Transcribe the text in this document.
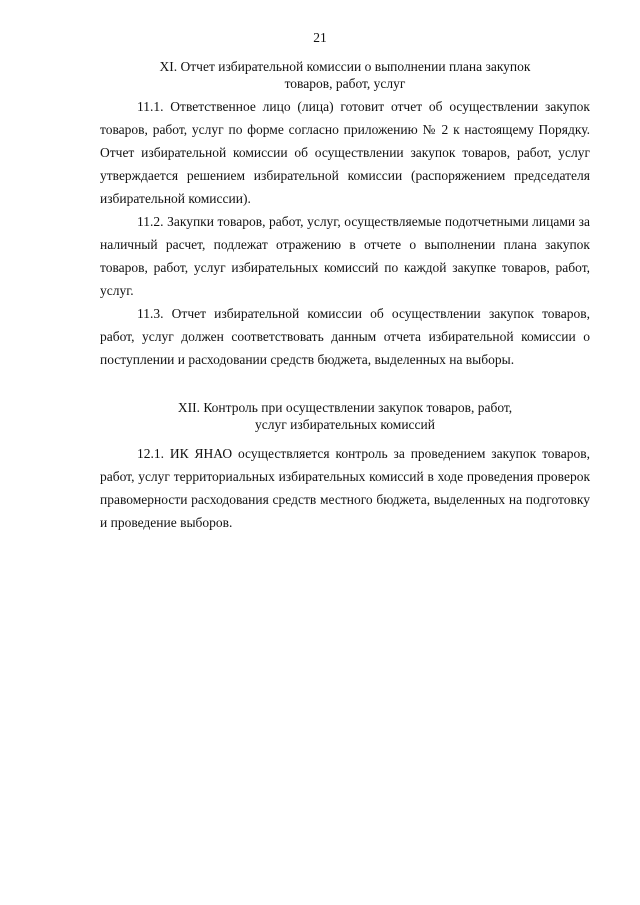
21
XI. Отчет избирательной комиссии о выполнении плана закупок
товаров, работ, услуг

11.1. Ответственное лицо (лица) готовит отчет об осуществлении закупок товаров, работ, услуг по форме согласно приложению № 2 к настоящему Порядку. Отчет избирательной комиссии об осуществлении закупок товаров, работ, услуг утверждается решением избирательной комиссии (распоряжением председателя избирательной комиссии).

11.2. Закупки товаров, работ, услуг, осуществляемые подотчетными лицами за наличный расчет, подлежат отражению в отчете о выполнении плана закупок товаров, работ, услуг избирательных комиссий по каждой закупке товаров, работ, услуг.

11.3. Отчет избирательной комиссии об осуществлении закупок товаров, работ, услуг должен соответствовать данным отчета избирательной комиссии о поступлении и расходовании средств бюджета, выделенных на выборы.

XII. Контроль при осуществлении закупок товаров, работ,
услуг избирательных комиссий

12.1. ИК ЯНАО осуществляется контроль за проведением закупок товаров, работ, услуг территориальных избирательных комиссий в ходе проведения проверок правомерности расходования средств местного бюджета, выделенных на подготовку и проведение выборов.
